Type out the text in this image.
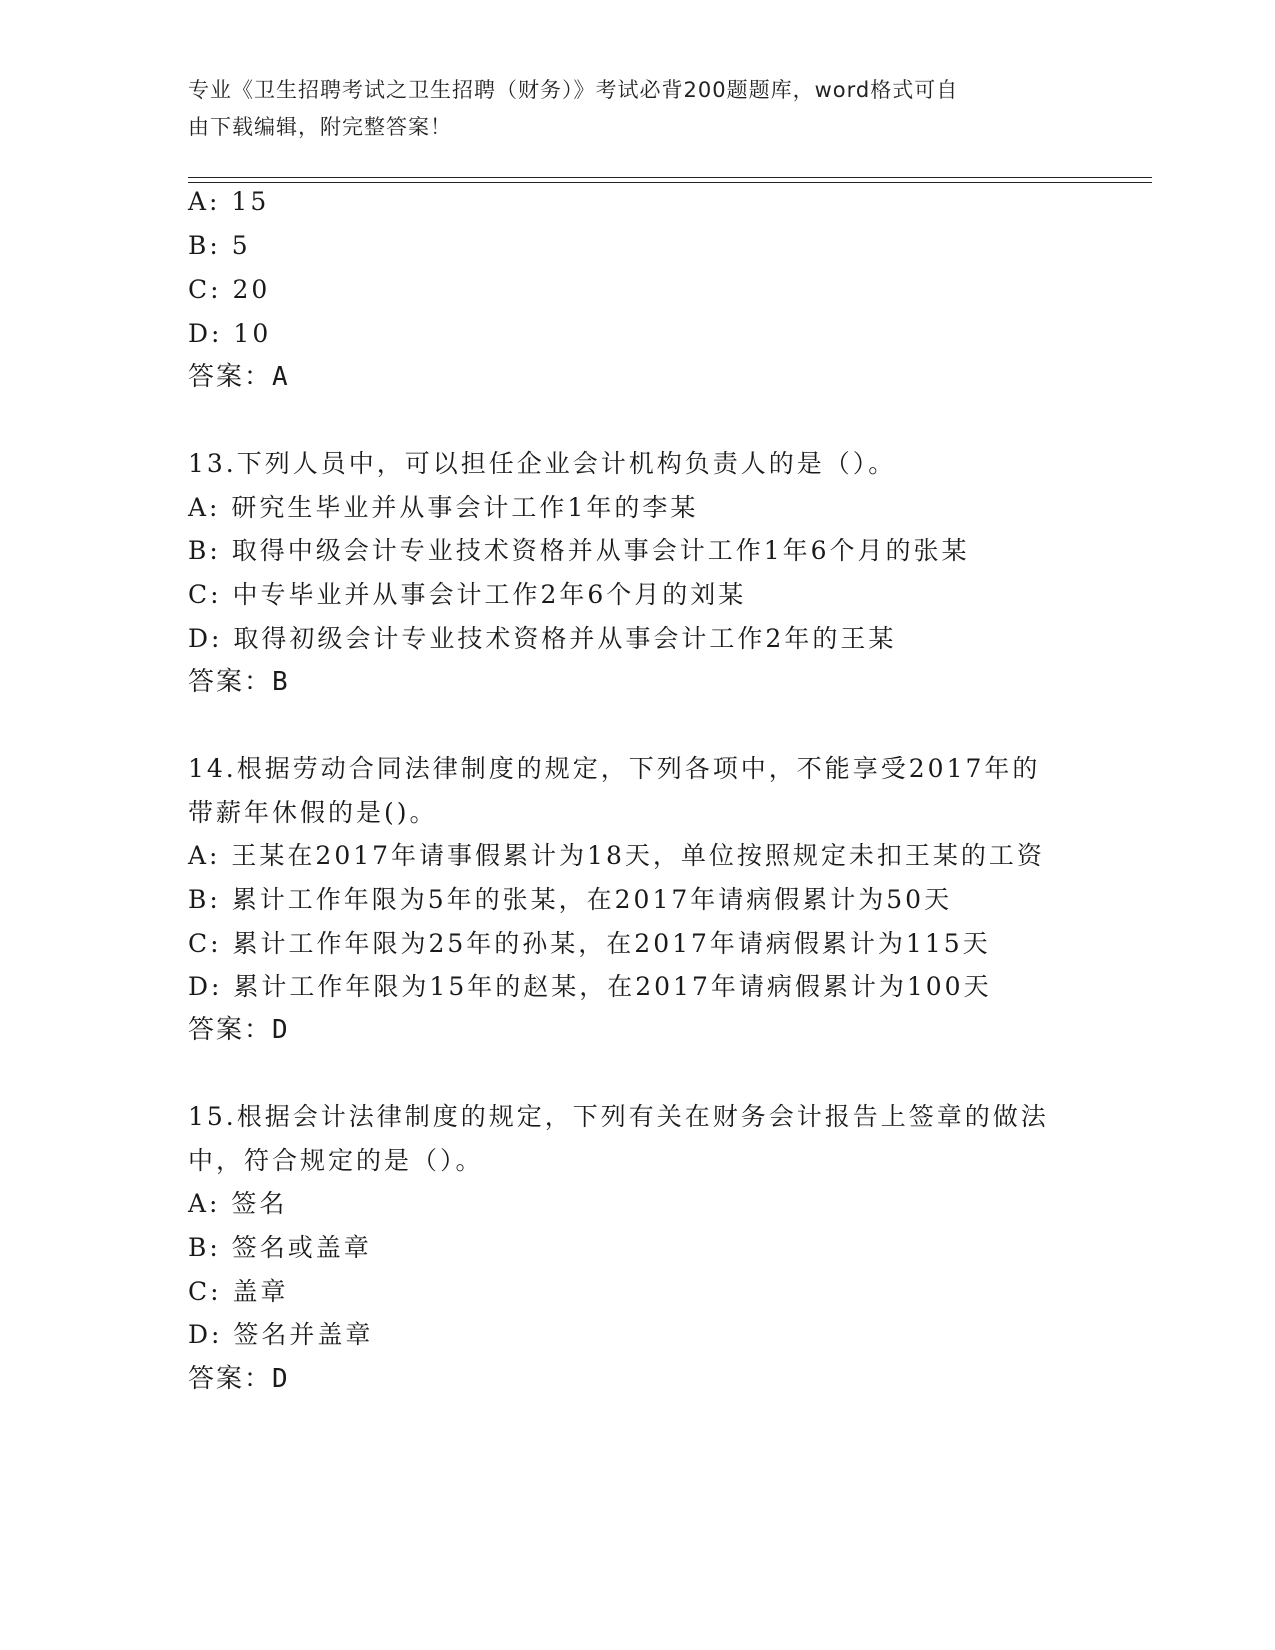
专业《卫生招聘考试之卫生招聘（财务）》考试必背200题题库，word格式可自
由下载编辑，附完整答案！
A: 15
B: 5
C: 20
D: 10
答案：A
13.下列人员中，可以担任企业会计机构负责人的是（）。
A: 研究生毕业并从事会计工作1年的李某
B: 取得中级会计专业技术资格并从事会计工作1年6个月的张某
C: 中专毕业并从事会计工作2年6个月的刘某
D: 取得初级会计专业技术资格并从事会计工作2年的王某
答案：B
14.根据劳动合同法律制度的规定，下列各项中，不能享受2017年的
带薪年休假的是()。
A: 王某在2017年请事假累计为18天，单位按照规定未扣王某的工资
B: 累计工作年限为5年的张某，在2017年请病假累计为50天
C: 累计工作年限为25年的孙某，在2017年请病假累计为115天
D: 累计工作年限为15年的赵某，在2017年请病假累计为100天
答案：D
15.根据会计法律制度的规定，下列有关在财务会计报告上签章的做法
中，符合规定的是（）。
A: 签名
B: 签名或盖章
C: 盖章
D: 签名并盖章
答案：D
